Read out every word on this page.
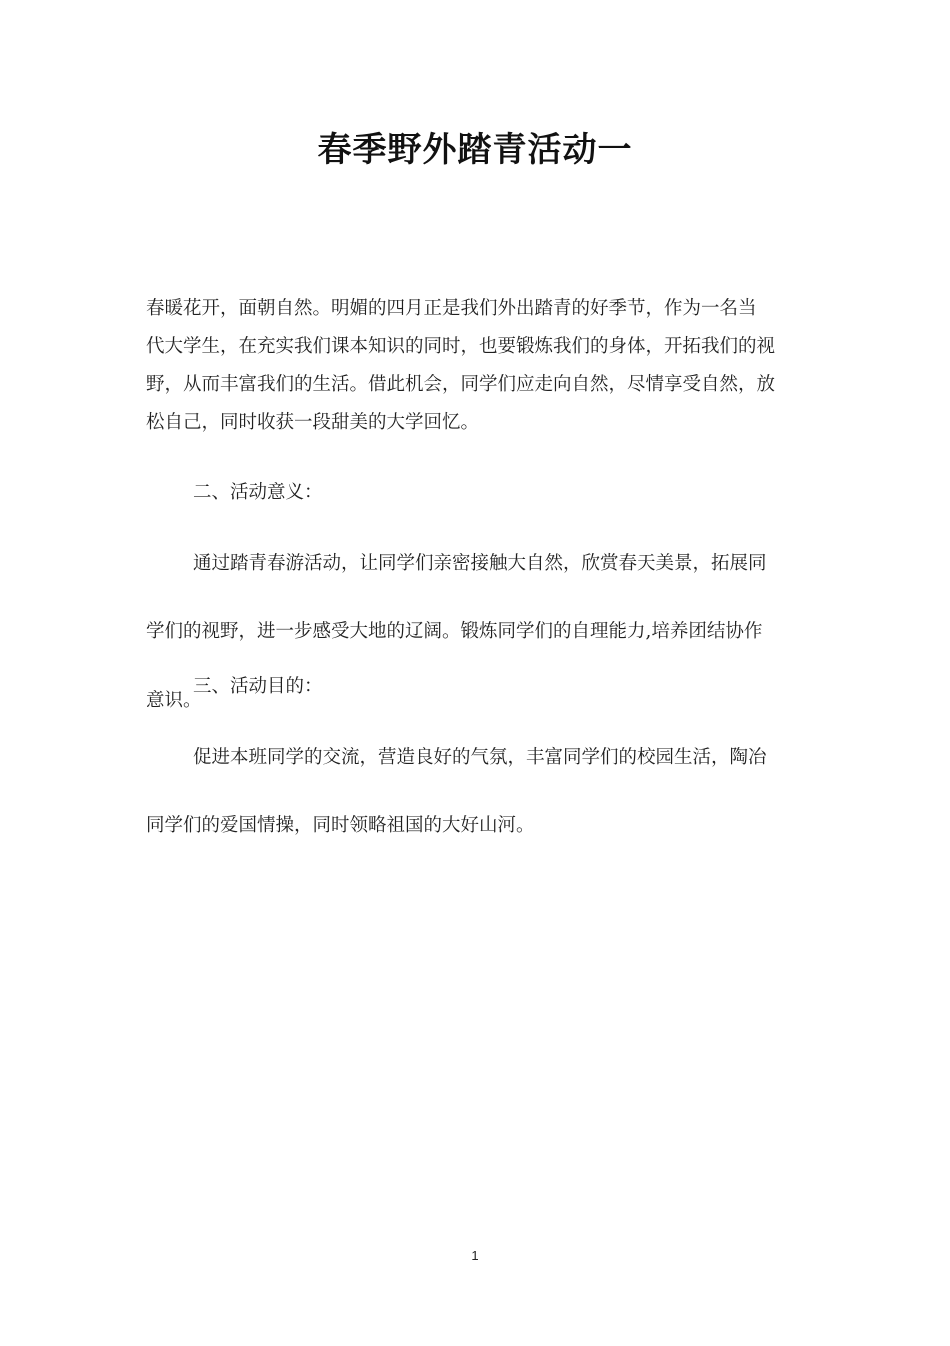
春季野外踏青活动一

春暖花开，面朝自然。明媚的四月正是我们外出踏青的好季节，作为一名当

代大学生，在充实我们课本知识的同时，也要锻炼我们的身体，开拓我们的视

野，从而丰富我们的生活。借此机会，同学们应走向自然，尽情享受自然，放

松自己，同时收获一段甜美的大学回忆。

二、活动意义：

通过踏青春游活动，让同学们亲密接触大自然，欣赏春天美景，拓展同

学们的视野，进一步感受大地的辽阔。锻炼同学们的自理能力,培养团结协作

意识。

三、活动目的：

促进本班同学的交流，营造良好的气氛，丰富同学们的校园生活，陶冶

同学们的爱国情操，同时领略祖国的大好山河。

1
